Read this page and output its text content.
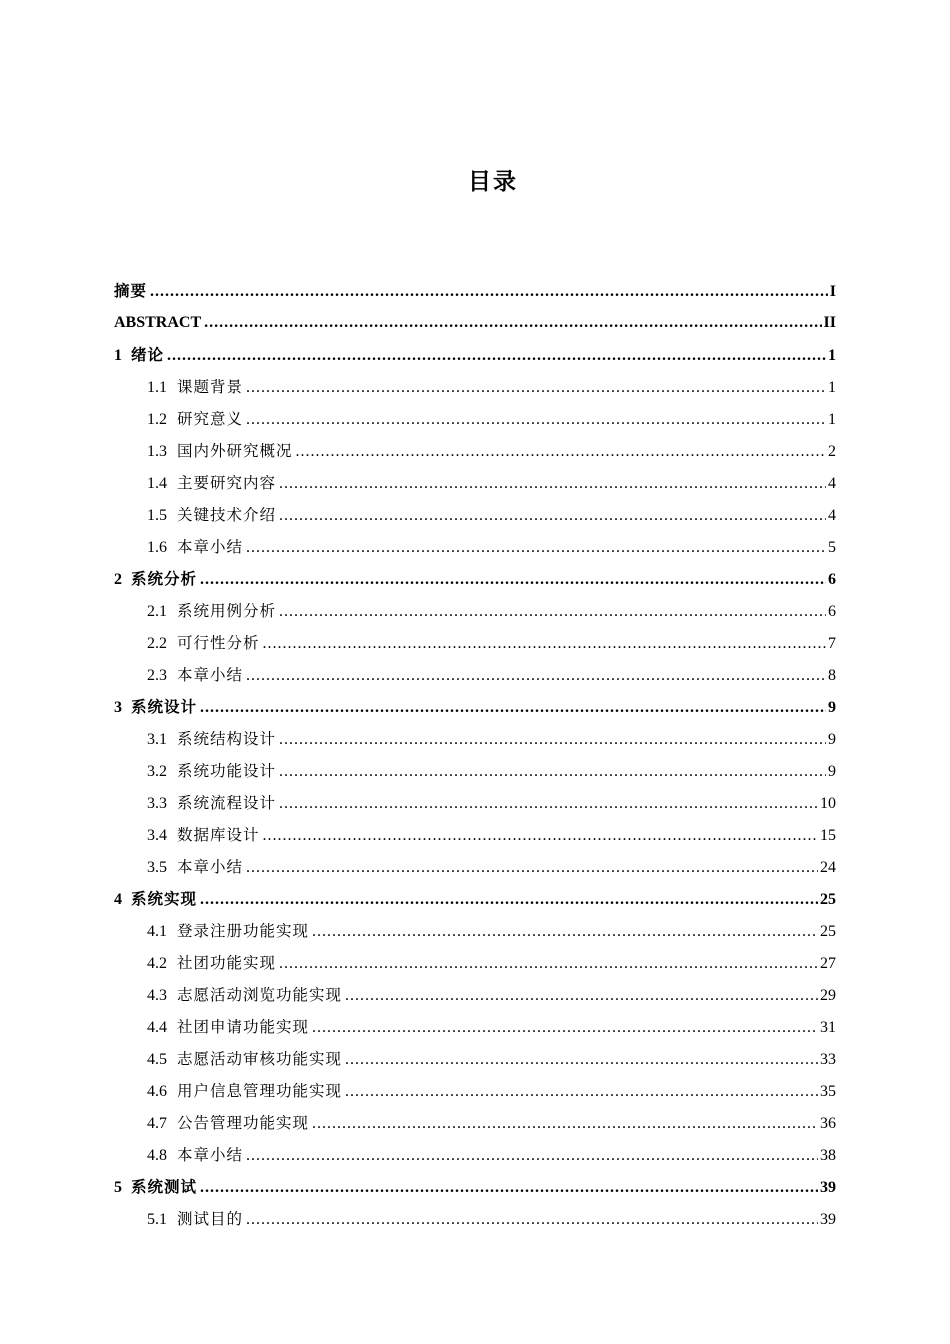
目录
摘要 .....	I
ABSTRACT .....	II
1 绪论 .....	1
1.1 课题背景 .....	1
1.2 研究意义 .....	1
1.3 国内外研究概况 .....	2
1.4 主要研究内容 .....	4
1.5 关键技术介绍 .....	4
1.6 本章小结 .....	5
2 系统分析 .....	6
2.1 系统用例分析 .....	6
2.2 可行性分析 .....	7
2.3 本章小结 .....	8
3 系统设计 .....	9
3.1 系统结构设计 .....	9
3.2 系统功能设计 .....	9
3.3 系统流程设计 .....	10
3.4 数据库设计 .....	15
3.5 本章小结 .....	24
4 系统实现 .....	25
4.1 登录注册功能实现 .....	25
4.2 社团功能实现 .....	27
4.3 志愿活动浏览功能实现 .....	29
4.4 社团申请功能实现 .....	31
4.5 志愿活动审核功能实现 .....	33
4.6 用户信息管理功能实现 .....	35
4.7 公告管理功能实现 .....	36
4.8 本章小结 .....	38
5 系统测试 .....	39
5.1 测试目的 .....	39
